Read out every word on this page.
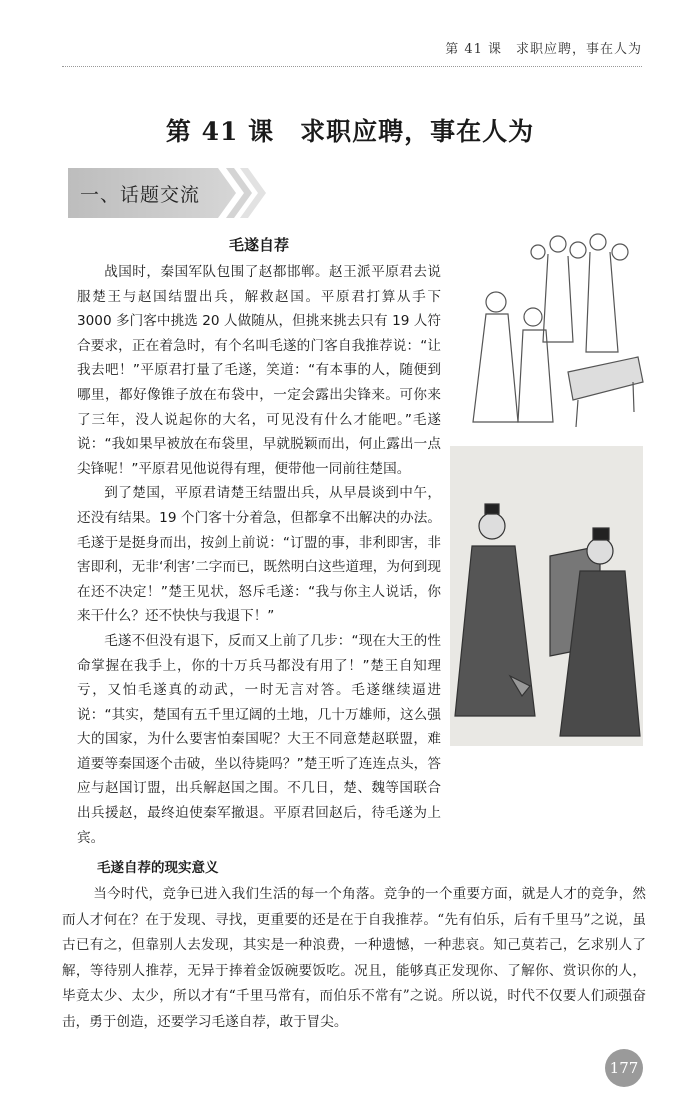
第 41 课　求职应聘，事在人为
第 41 课　求职应聘，事在人为
一、话题交流
毛遂自荐

战国时，秦国军队包围了赵都邯郸。赵王派平原君去说服楚王与赵国结盟出兵，解救赵国。平原君打算从手下 3000 多门客中挑选 20 人做随从，但挑来挑去只有 19 人符合要求，正在着急时，有个名叫毛遂的门客自我推荐说：“让我去吧！”平原君打量了毛遂，笑道：“有本事的人，随便到哪里，都好像锥子放在布袋中，一定会露出尖锋来。可你来了三年，没人说起你的大名，可见没有什么才能吧。”毛遂说：“我如果早被放在布袋里，早就脱颖而出，何止露出一点尖锋呢！”平原君见他说得有理，便带他一同前往楚国。

到了楚国，平原君请楚王结盟出兵，从早晨谈到中午，还没有结果。19 个门客十分着急，但都拿不出解决的办法。毛遂于是挺身而出，按剑上前说：“订盟的事，非利即害，非害即利，无非‘利害’二字而已，既然明白这些道理，为何到现在还不决定！”楚王见状，怒斥毛遂：“我与你主人说话，你来干什么？还不快快与我退下！”

毛遂不但没有退下，反而又上前了几步：“现在大王的性命掌握在我手上，你的十万兵马都没有用了！”楚王自知理亏，又怕毛遂真的动武，一时无言对答。毛遂继续逼进说：“其实，楚国有五千里辽阔的土地，几十万雄师，这么强大的国家，为什么要害怕秦国呢？大王不同意楚赵联盟，难道要等秦国逐个击破，坐以待毙吗？”楚王听了连连点头，答应与赵国订盟，出兵解赵国之围。不几日，楚、魏等国联合出兵援赵，最终迫使秦军撤退。平原君回赵后，待毛遂为上宾。

毛遂自荐的现实意义

当今时代，竞争已进入我们生活的每一个角落。竞争的一个重要方面，就是人才的竞争，然而人才何在？在于发现、寻找，更重要的还是在于自我推荐。“先有伯乐，后有千里马”之说，虽古已有之，但靠别人去发现，其实是一种浪费，一种遗憾，一种悲哀。知己莫若己，乞求别人了解，等待别人推荐，无异于捧着金饭碗要饭吃。况且，能够真正发现你、了解你、赏识你的人，毕竟太少、太少，所以才有“千里马常有，而伯乐不常有”之说。所以说，时代不仅要人们顽强奋击，勇于创造，还要学习毛遂自荐，敢于冒尖。

177
